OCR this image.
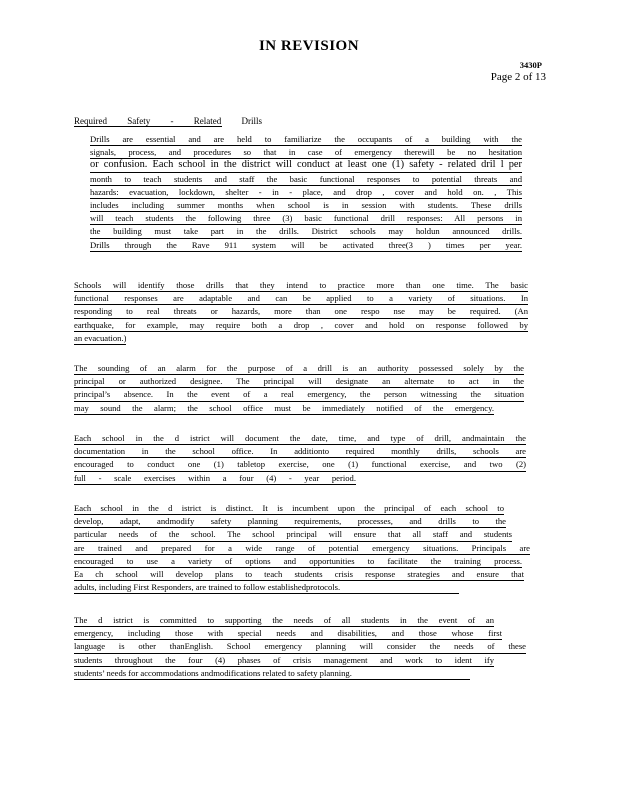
IN REVISION
3430P
Page 2 of 13
Required Safety - Related Drills
Drills are essential and are held to familiarize the occupants of a building with the
signals, process, and procedures so that in case of emergency therewill be no hesitation
or confusion. Each school in the district will conduct at least one (1) safety - related dril l per
month to teach students and staff the basic functional responses to potential threats and
hazards: evacuation, lockdown, shelter - in - place, and drop , cover and hold on. , This
includes including summer months when school is in session with students. These drills
will teach students the following three (3) basic functional drill responses: All persons in
the building must take part in the drills. District schools may holdun announced drills.
Drills through the Rave 911 system will be activated three(3 ) times per year.
Schools will identify those drills that they intend to practice more than one time. The basic
functional responses are adaptable and can be applied to a variety of situations. In
responding to real threats or hazards, more than one respo nse may be required. (An
earthquake, for example, may require both a drop , cover and hold on response followed by
an evacuation.)
The sounding of an alarm for the purpose of a drill is an authority possessed solely by the
principal or authorized designee. The principal will designate an alternate to act in the
principal’s absence. In the event of a real emergency, the person witnessing the situation
may sound the alarm; the school office must be immediately notified of the emergency.
Each school in the d istrict will document the date, time, and type of drill, andmaintain the
documentation in the school office. In additionto required monthly drills, schools are
encouraged to conduct one (1) tabletop exercise, one (1) functional exercise, and two (2)
full - scale exercises within a four (4) - year period.
Each school in the d istrict is distinct. It is incumbent upon the principal of each school to
develop, adapt, andmodify safety planning requirements, processes, and drills to the
particular needs of the school. The school principal will ensure that all staff and students
are trained and prepared for a wide range of potential emergency situations. Principals are
encouraged to use a variety of options and opportunities to facilitate the training process.
Ea ch school will develop plans to teach students crisis response strategies and ensure that
adults, including First Responders, are trained to follow establishedprotocols.
The d istrict is committed to supporting the needs of all students in the event of an
emergency, including those with special needs and disabilities, and those whose first
language is other thanEnglish. School emergency planning will consider the needs of these
students throughout the four (4) phases of crisis management and work to ident ify
students’ needs for accommodations andmodifications related to safety planning.
